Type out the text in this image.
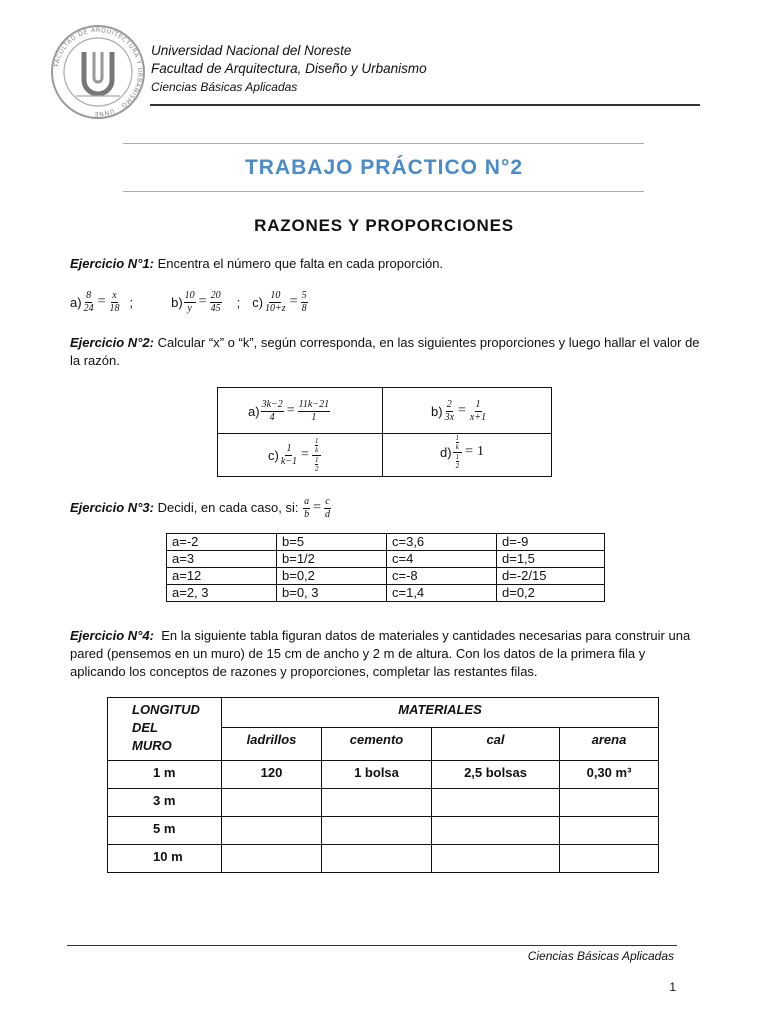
FACULTAD DE ARQUITECTURA Y URBANISMO · UNNE
Universidad Nacional del Noreste
Facultad de Arquitectura, Diseño y Urbanismo
Ciencias Básicas Aplicadas
TRABAJO PRÁCTICO N°2
RAZONES Y PROPORCIONES
Ejercicio N°1: Encentra el número que falta en cada proporción.
$a) \frac{8}{24} = \frac{x}{18}$ ;	$b) \frac{10}{y} = \frac{20}{45}$ ; $c) \frac{10}{10+z} = \frac{5}{8}$
Ejercicio N°2: Calcular “x” o “k”, según corresponda, en las siguientes proporciones y luego hallar el valor de la razón.
$a) \frac{3k-2}{4} = \frac{11k-21}{1}$	$b) \frac{2}{3x} = \frac{1}{x+1}$
$c) \frac{1}{k-1} = \frac{\frac{1}{k}}{\frac{1}{2}}$	$d) \frac{\frac{1}{k}}{\frac{1}{2}} = 1$
Ejercicio N°3: Decidi, en cada caso, si: $\frac{a}{b} = \frac{c}{d}$
a=-2	b=5	c=3,6	d=-9
a=3	b=1/2	c=4	d=1,5
a=12	b=0,2	c=-8	d=-2/15
a=2, 3	b=0, 3	c=1,4	d=0,2
Ejercicio N°4:  En la siguiente tabla figuran datos de materiales y cantidades necesarias para construir una pared (pensemos en un muro) de 15 cm de ancho y 2 m de altura. Con los datos de la primera fila y aplicando los conceptos de razones y proporciones, completar las restantes filas.
LONGITUD
DEL
MURO	MATERIALES			
	ladrillos	cemento	cal	arena
1 m	120	1 bolsa	2,5 bolsas	0,30 m³
3 m				
5 m				
10 m				
Ciencias Básicas Aplicadas
1
